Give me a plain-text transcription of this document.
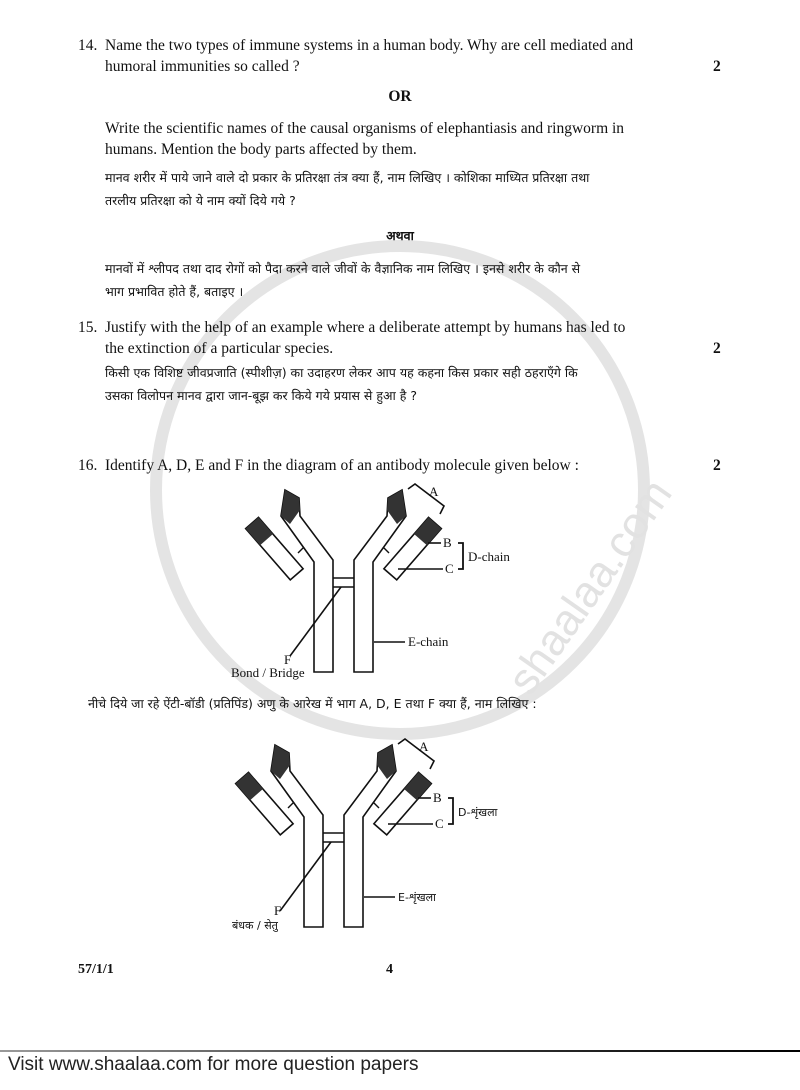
14.
2
Name the two types of immune systems in a human body. Why are cell mediated and
humoral immunities so called ?
OR
Write the scientific names of the causal organisms of elephantiasis and ringworm in
humans. Mention the body parts affected by them.
मानव शरीर में पाये जाने वाले दो प्रकार के प्रतिरक्षा तंत्र क्या हैं, नाम लिखिए । कोशिका माध्यित प्रतिरक्षा तथा
तरलीय प्रतिरक्षा को ये नाम क्यों दिये गये ?
अथवा
मानवों में श्लीपद तथा दाद रोगों को पैदा करने वाले जीवों के वैज्ञानिक नाम लिखिए । इनसे शरीर के कौन से
भाग प्रभावित होते हैं, बताइए ।
15.
2
Justify with the help of an example where a deliberate attempt by humans has led to
the extinction of a particular species.
किसी एक विशिष्ट जीवप्रजाति (स्पीशीज़) का उदाहरण लेकर आप यह कहना किस प्रकार सही ठहराएँगे कि
उसका विलोपन मानव द्वारा जान-बूझ कर किये गये प्रयास से हुआ है ?
16.	2
Identify A, D, E and F in the diagram of an antibody molecule given below :
A
B
C
D-chain
E-chain
F
Bond / Bridge	shaalaa.com
नीचे दिये जा रहे ऐंटी-बॉडी (प्रतिपिंड) अणु के आरेख में भाग A, D, E तथा F क्या हैं, नाम लिखिए :
A
B
C
D-शृंखला
E-शृंखला
F
बंधक / सेतु
57/1/1	4
Visit www.shaalaa.com for more question papers
